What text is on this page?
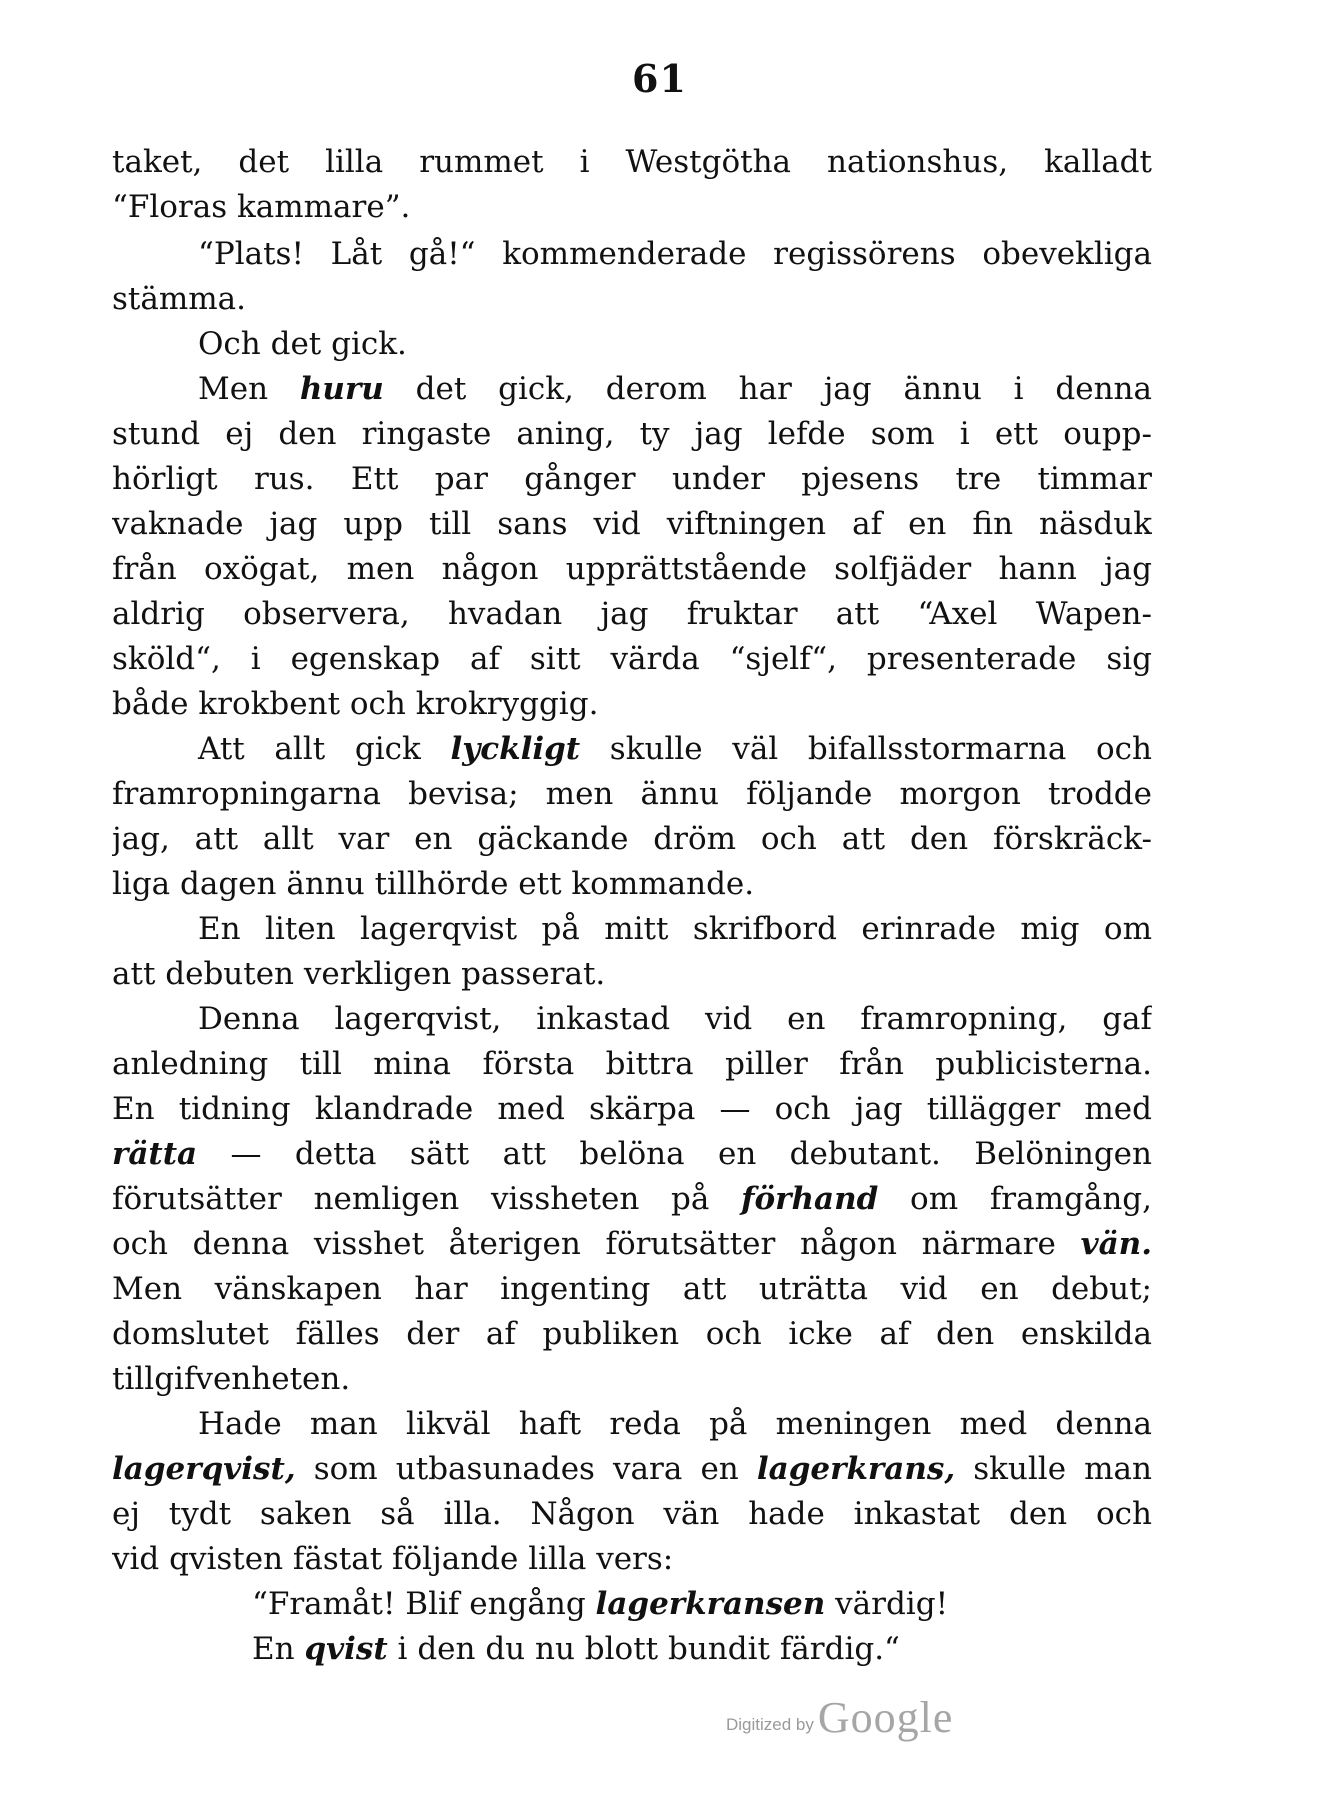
61
taket, det lilla rummet i Westgötha nationshus, kalladt
“Floras kammare”.
“Plats! Låt gå!“ kommenderade regissörens obevekliga
stämma.
Och det gick.
Men huru det gick, derom har jag ännu i denna
stund ej den ringaste aning, ty jag lefde som i ett oupp-
hörligt rus. Ett par gånger under pjesens tre timmar
vaknade jag upp till sans vid viftningen af en fin näsduk
från oxögat, men någon upprättstående solfjäder hann jag
aldrig observera, hvadan jag fruktar att “Axel Wapen-
sköld“, i egenskap af sitt värda “sjelf“, presenterade sig
både krokbent och krokryggig.
Att allt gick lyckligt skulle väl bifallsstormarna och
framropningarna bevisa; men ännu följande morgon trodde
jag, att allt var en gäckande dröm och att den förskräck-
liga dagen ännu tillhörde ett kommande.
En liten lagerqvist på mitt skrifbord erinrade mig om
att debuten verkligen passerat.
Denna lagerqvist, inkastad vid en framropning, gaf
anledning till mina första bittra piller från publicisterna.
En tidning klandrade med skärpa — och jag tillägger med
rätta — detta sätt att belöna en debutant. Belöningen
förutsätter nemligen vissheten på förhand om framgång,
och denna visshet återigen förutsätter någon närmare vän.
Men vänskapen har ingenting att uträtta vid en debut;
domslutet fälles der af publiken och icke af den enskilda
tillgifvenheten.
Hade man likväl haft reda på meningen med denna
lagerqvist, som utbasunades vara en lagerkrans, skulle man
ej tydt saken så illa. Någon vän hade inkastat den och
vid qvisten fästat följande lilla vers:
“Framåt! Blif engång lagerkransen värdig!
En qvist i den du nu blott bundit färdig.“
Digitized by Google
